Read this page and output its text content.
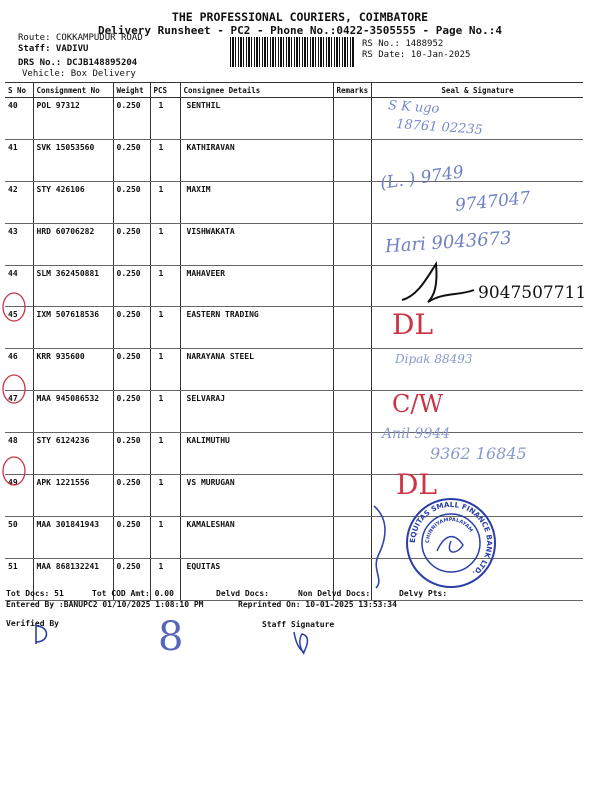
THE PROFESSIONAL COURIERS, COIMBATORE
Delivery Runsheet - PC2 - Phone No.:0422-3505555 - Page No.:4
Route: COKKAMPUDUR ROAD
Staff: VADIVU
DRS No.: DCJB148895204
Vehicle: Box Delivery
RS No.: 1488952
RS Date: 10-Jan-2025
S No	Consignment No	Weight	PCS	Consignee Details	Remarks	Seal & Signature
40	POL 97312	0.250	1	SENTHIL		
41	SVK 15053560	0.250	1	KATHIRAVAN		
42	STY 426106	0.250	1	MAXIM		
43	HRD 60706282	0.250	1	VISHWAKATA		
44	SLM 362450881	0.250	1	MAHAVEER		
45	IXM 507618536	0.250	1	EASTERN TRADING		
46	KRR 935600	0.250	1	NARAYANA STEEL		
47	MAA 945086532	0.250	1	SELVARAJ		
48	STY 6124236	0.250	1	KALIMUTHU		
49	APK 1221556	0.250	1	VS MURUGAN		
50	MAA 301841943	0.250	1	KAMALESHAN		
51	MAA 868132241	0.250	1	EQUITAS		
S K ugo
18761 02235
(L. ) 9749
9747047
Hari 9043673
9047507711
DL
Dipak 88493
C/W
Anil 9944
9362 16845
DL
EQUITAS SMALL FINANCE BANK LTD.
CHINNIYAMPALAYAM
Tot Docs: 51	Tot COD Amt: 0.00	Delvd Docs:	Non Delvd Docs:	Delvy Pts:
Entered By :BANUPC2 01/10/2025 1:08:10 PM	Reprinted On: 10-01-2025 13:53:34
Verified By	Staff Signature
8
